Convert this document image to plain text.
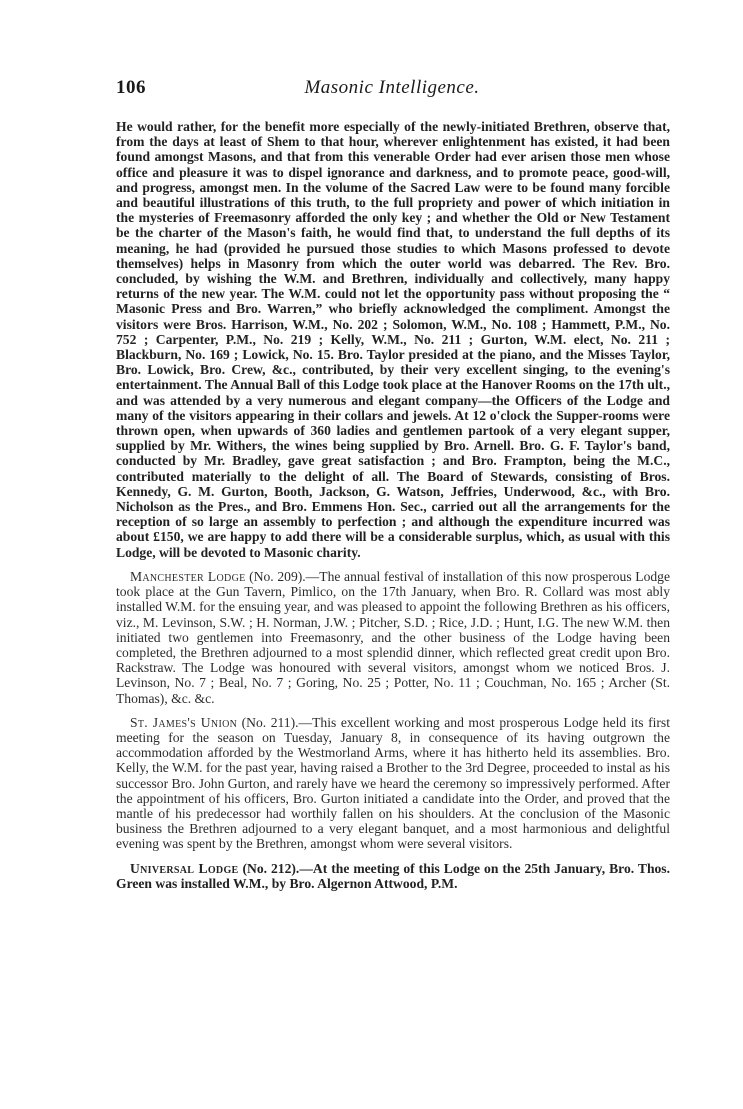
106	Masonic Intelligence.

He would rather, for the benefit more especially of the newly-initiated Brethren, observe that, from the days at least of Shem to that hour, wherever enlightenment has existed, it had been found amongst Masons, and that from this venerable Order had ever arisen those men whose office and pleasure it was to dispel ignorance and darkness, and to promote peace, good-will, and progress, amongst men. In the volume of the Sacred Law were to be found many forcible and beautiful illustrations of this truth, to the full propriety and power of which initiation in the mysteries of Freemasonry afforded the only key ; and whether the Old or New Testament be the charter of the Mason's faith, he would find that, to understand the full depths of its meaning, he had (provided he pursued those studies to which Masons professed to devote themselves) helps in Masonry from which the outer world was debarred. The Rev. Bro. concluded, by wishing the W.M. and Brethren, individually and collectively, many happy returns of the new year. The W.M. could not let the opportunity pass without proposing the “ Masonic Press and Bro. Warren,” who briefly acknowledged the compliment. Amongst the visitors were Bros. Harrison, W.M., No. 202 ; Solomon, W.M., No. 108 ; Hammett, P.M., No. 752 ; Carpenter, P.M., No. 219 ; Kelly, W.M., No. 211 ; Gurton, W.M. elect, No. 211 ; Blackburn, No. 169 ; Lowick, No. 15. Bro. Taylor presided at the piano, and the Misses Taylor, Bro. Lowick, Bro. Crew, &c., contributed, by their very excellent singing, to the evening's entertainment. The Annual Ball of this Lodge took place at the Hanover Rooms on the 17th ult., and was attended by a very numerous and elegant company—the Officers of the Lodge and many of the visitors appearing in their collars and jewels. At 12 o'clock the Supper-rooms were thrown open, when upwards of 360 ladies and gentlemen partook of a very elegant supper, supplied by Mr. Withers, the wines being supplied by Bro. Arnell. Bro. G. F. Taylor's band, conducted by Mr. Bradley, gave great satisfaction ; and Bro. Frampton, being the M.C., contributed materially to the delight of all. The Board of Stewards, consisting of Bros. Kennedy, G. M. Gurton, Booth, Jackson, G. Watson, Jeffries, Underwood, &c., with Bro. Nicholson as the Pres., and Bro. Emmens Hon. Sec., carried out all the arrangements for the reception of so large an assembly to perfection ; and although the expenditure incurred was about £150, we are happy to add there will be a considerable surplus, which, as usual with this Lodge, will be devoted to Masonic charity.

Manchester Lodge (No. 209).—The annual festival of installation of this now prosperous Lodge took place at the Gun Tavern, Pimlico, on the 17th January, when Bro. R. Collard was most ably installed W.M. for the ensuing year, and was pleased to appoint the following Brethren as his officers, viz., M. Levinson, S.W. ; H. Norman, J.W. ; Pitcher, S.D. ; Rice, J.D. ; Hunt, I.G. The new W.M. then initiated two gentlemen into Freemasonry, and the other business of the Lodge having been completed, the Brethren adjourned to a most splendid dinner, which reflected great credit upon Bro. Rackstraw. The Lodge was honoured with several visitors, amongst whom we noticed Bros. J. Levinson, No. 7 ; Beal, No. 7 ; Goring, No. 25 ; Potter, No. 11 ; Couchman, No. 165 ; Archer (St. Thomas), &c. &c.

St. James's Union (No. 211).—This excellent working and most prosperous Lodge held its first meeting for the season on Tuesday, January 8, in consequence of its having outgrown the accommodation afforded by the Westmorland Arms, where it has hitherto held its assemblies. Bro. Kelly, the W.M. for the past year, having raised a Brother to the 3rd Degree, proceeded to instal as his successor Bro. John Gurton, and rarely have we heard the ceremony so impressively performed. After the appointment of his officers, Bro. Gurton initiated a candidate into the Order, and proved that the mantle of his predecessor had worthily fallen on his shoulders. At the conclusion of the Masonic business the Brethren adjourned to a very elegant banquet, and a most harmonious and delightful evening was spent by the Brethren, amongst whom were several visitors.

Universal Lodge (No. 212).—At the meeting of this Lodge on the 25th January, Bro. Thos. Green was installed W.M., by Bro. Algernon Attwood, P.M.
